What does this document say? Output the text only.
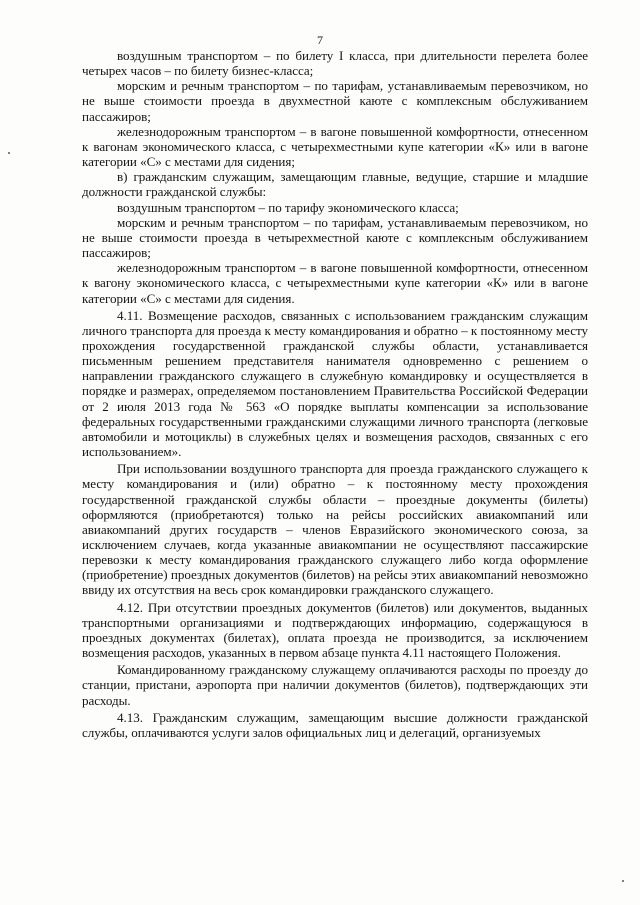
7

воздушным транспортом – по билету I класса, при длительности перелета более четырех часов – по билету бизнес-класса;

морским и речным транспортом – по тарифам, устанавливаемым перевозчиком, но не выше стоимости проезда в двухместной каюте с комплексным обслуживанием пассажиров;

железнодорожным транспортом – в вагоне повышенной комфортности, отнесенном к вагонам экономического класса, с четырехместными купе категории «К» или в вагоне категории «С» с местами для сидения;

в) гражданским служащим, замещающим главные, ведущие, старшие и младшие должности гражданской службы:

воздушным транспортом – по тарифу экономического класса;

морским и речным транспортом – по тарифам, устанавливаемым перевозчиком, но не выше стоимости проезда в четырехместной каюте с комплексным обслуживанием пассажиров;

железнодорожным транспортом – в вагоне повышенной комфортности, отнесенном к вагону экономического класса, с четырехместными купе категории «К» или в вагоне категории «С» с местами для сидения.

4.11. Возмещение расходов, связанных с использованием гражданским служащим личного транспорта для проезда к месту командирования и обратно – к постоянному месту прохождения государственной гражданской службы области, устанавливается письменным решением представителя нанимателя одновременно с решением о направлении гражданского служащего в служебную командировку и осуществляется в порядке и размерах, определяемом постановлением Правительства Российской Федерации от 2 июля 2013 года № 563 «О порядке выплаты компенсации за использование федеральных государственными гражданскими служащими личного транспорта (легковые автомобили и мотоциклы) в служебных целях и возмещения расходов, связанных с его использованием».

При использовании воздушного транспорта для проезда гражданского служащего к месту командирования и (или) обратно – к постоянному месту прохождения государственной гражданской службы области – проездные документы (билеты) оформляются (приобретаются) только на рейсы российских авиакомпаний или авиакомпаний других государств – членов Евразийского экономического союза, за исключением случаев, когда указанные авиакомпании не осуществляют пассажирские перевозки к месту командирования гражданского служащего либо когда оформление (приобретение) проездных документов (билетов) на рейсы этих авиакомпаний невозможно ввиду их отсутствия на весь срок командировки гражданского служащего.

4.12. При отсутствии проездных документов (билетов) или документов, выданных транспортными организациями и подтверждающих информацию, содержащуюся в проездных документах (билетах), оплата проезда не производится, за исключением возмещения расходов, указанных в первом абзаце пункта 4.11 настоящего Положения.

Командированному гражданскому служащему оплачиваются расходы по проезду до станции, пристани, аэропорта при наличии документов (билетов), подтверждающих эти расходы.

4.13. Гражданским служащим, замещающим высшие должности гражданской службы, оплачиваются услуги залов официальных лиц и делегаций, организуемых
